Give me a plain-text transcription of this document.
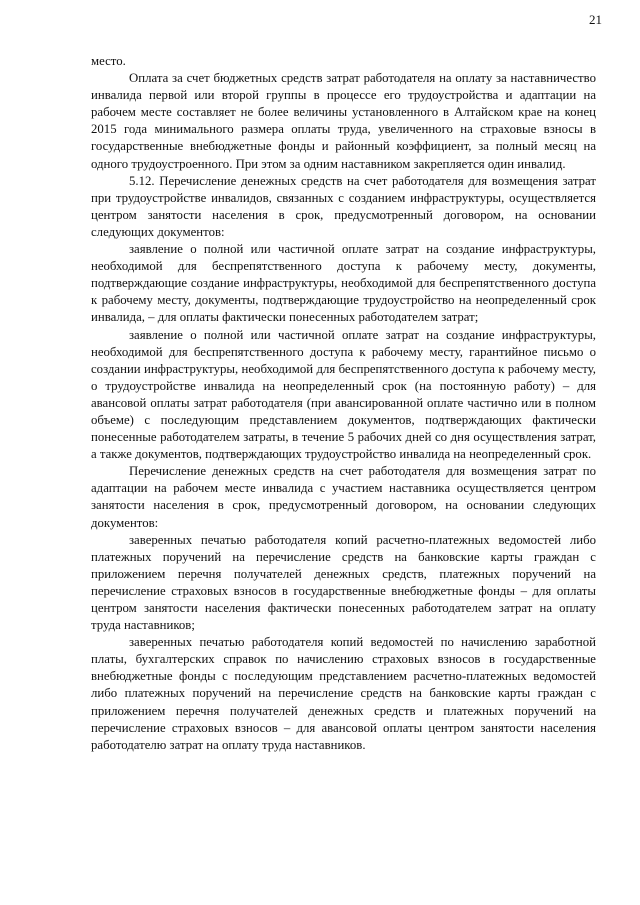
21

место.

Оплата за счет бюджетных средств затрат работодателя на оплату за наставничество инвалида первой или второй группы в процессе его трудоустройства и адаптации на рабочем месте составляет не более величины установленного в Алтайском крае на конец 2015 года минимального размера оплаты труда, увеличенного на страховые взносы в государственные внебюджетные фонды и районный коэффициент, за полный месяц на одного трудоустроенного. При этом за одним наставником закрепляется один инвалид.

5.12. Перечисление денежных средств на счет работодателя для возмещения затрат при трудоустройстве инвалидов, связанных с созданием инфраструктуры, осуществляется центром занятости населения в срок, предусмотренный договором, на основании следующих документов:

заявление о полной или частичной оплате затрат на создание инфраструктуры, необходимой для беспрепятственного доступа к рабочему месту, документы, подтверждающие создание инфраструктуры, необходимой для беспрепятственного доступа к рабочему месту, документы, подтверждающие трудоустройство на неопределенный срок инвалида, – для оплаты фактически понесенных работодателем затрат;

заявление о полной или частичной оплате затрат на создание инфраструктуры, необходимой для беспрепятственного доступа к рабочему месту, гарантийное письмо о создании инфраструктуры, необходимой для беспрепятственного доступа к рабочему месту, о трудоустройстве инвалида на неопределенный срок (на постоянную работу) – для авансовой оплаты затрат работодателя (при авансированной оплате частично или в полном объеме) с последующим представлением документов, подтверждающих фактически понесенные работодателем затраты, в течение 5 рабочих дней со дня осуществления затрат, а также документов, подтверждающих трудоустройство инвалида на неопределенный срок.

Перечисление денежных средств на счет работодателя для возмещения затрат по адаптации на рабочем месте инвалида с участием наставника осуществляется центром занятости населения в срок, предусмотренный договором, на основании следующих документов:

заверенных печатью работодателя копий расчетно-платежных ведомостей либо платежных поручений на перечисление средств на банковские карты граждан с приложением перечня получателей денежных средств, платежных поручений на перечисление страховых взносов в государственные внебюджетные фонды – для оплаты центром занятости населения фактически понесенных работодателем затрат на оплату труда наставников;

заверенных печатью работодателя копий ведомостей по начислению заработной платы, бухгалтерских справок по начислению страховых взносов в государственные внебюджетные фонды с последующим представлением расчетно-платежных ведомостей либо платежных поручений на перечисление средств на банковские карты граждан с приложением перечня получателей денежных средств и платежных поручений на перечисление страховых взносов – для авансовой оплаты центром занятости населения работодателю затрат на оплату труда наставников.
